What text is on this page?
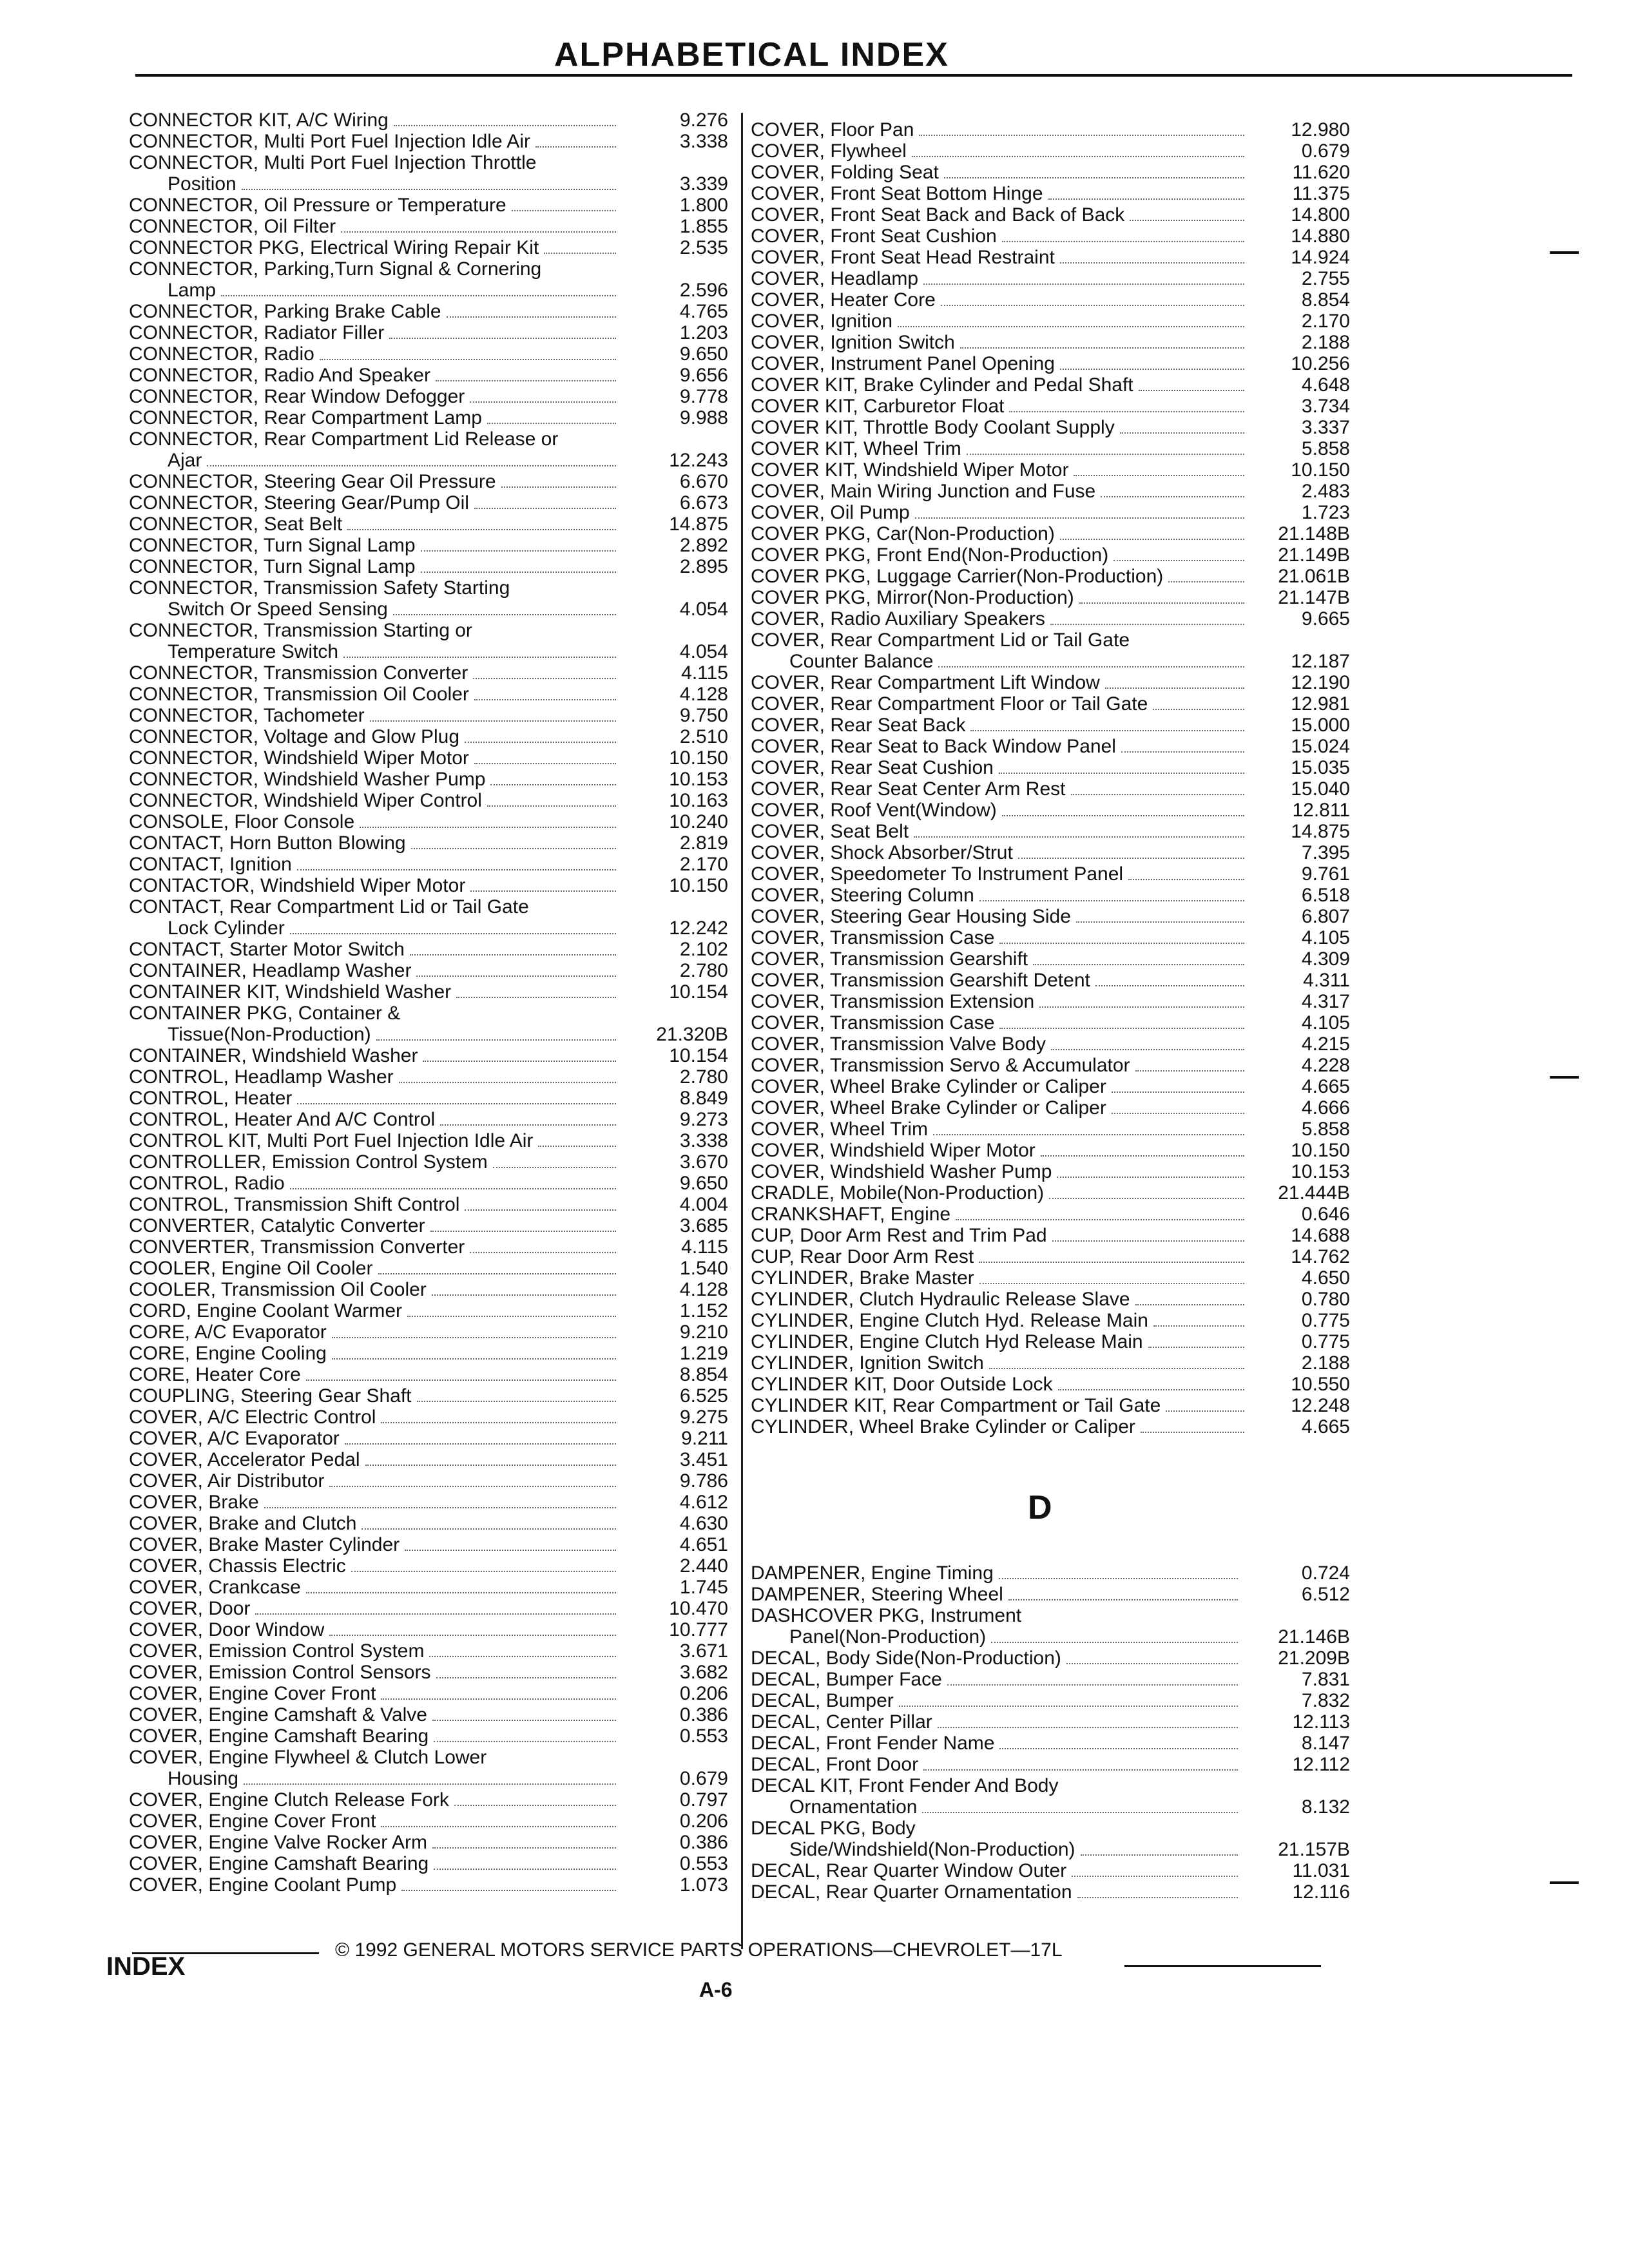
ALPHABETICAL INDEX
CONNECTOR KIT, A/C Wiring	9.276
CONNECTOR, Multi Port Fuel Injection Idle Air	3.338
CONNECTOR, Multi Port Fuel Injection Throttle
Position	3.339
CONNECTOR, Oil Pressure or Temperature	1.800
CONNECTOR, Oil Filter	1.855
CONNECTOR PKG, Electrical Wiring Repair Kit	2.535
CONNECTOR, Parking,Turn Signal & Cornering
Lamp	2.596
CONNECTOR, Parking Brake Cable	4.765
CONNECTOR, Radiator Filler	1.203
CONNECTOR, Radio	9.650
CONNECTOR, Radio And Speaker	9.656
CONNECTOR, Rear Window Defogger	9.778
CONNECTOR, Rear Compartment Lamp	9.988
CONNECTOR, Rear Compartment Lid Release or
Ajar	12.243
CONNECTOR, Steering Gear Oil Pressure	6.670
CONNECTOR, Steering Gear/Pump Oil	6.673
CONNECTOR, Seat Belt	14.875
CONNECTOR, Turn Signal Lamp	2.892
CONNECTOR, Turn Signal Lamp	2.895
CONNECTOR, Transmission Safety Starting
Switch Or Speed Sensing	4.054
CONNECTOR, Transmission Starting or
Temperature Switch	4.054
CONNECTOR, Transmission Converter	4.115
CONNECTOR, Transmission Oil Cooler	4.128
CONNECTOR, Tachometer	9.750
CONNECTOR, Voltage and Glow Plug	2.510
CONNECTOR, Windshield Wiper Motor	10.150
CONNECTOR, Windshield Washer Pump	10.153
CONNECTOR, Windshield Wiper Control	10.163
CONSOLE, Floor Console	10.240
CONTACT, Horn Button Blowing	2.819
CONTACT, Ignition	2.170
CONTACTOR, Windshield Wiper Motor	10.150
CONTACT, Rear Compartment Lid or Tail Gate
Lock Cylinder	12.242
CONTACT, Starter Motor Switch	2.102
CONTAINER, Headlamp Washer	2.780
CONTAINER KIT, Windshield Washer	10.154
CONTAINER PKG, Container &
Tissue(Non-Production)	21.320B
CONTAINER, Windshield Washer	10.154
CONTROL, Headlamp Washer	2.780
CONTROL, Heater	8.849
CONTROL, Heater And A/C Control	9.273
CONTROL KIT, Multi Port Fuel Injection Idle Air	3.338
CONTROLLER, Emission Control System	3.670
CONTROL, Radio	9.650
CONTROL, Transmission Shift Control	4.004
CONVERTER, Catalytic Converter	3.685
CONVERTER, Transmission Converter	4.115
COOLER, Engine Oil Cooler	1.540
COOLER, Transmission Oil Cooler	4.128
CORD, Engine Coolant Warmer	1.152
CORE, A/C Evaporator	9.210
CORE, Engine Cooling	1.219
CORE, Heater Core	8.854
COUPLING, Steering Gear Shaft	6.525
COVER, A/C Electric Control	9.275
COVER, A/C Evaporator	9.211
COVER, Accelerator Pedal	3.451
COVER, Air Distributor	9.786
COVER, Brake	4.612
COVER, Brake and Clutch	4.630
COVER, Brake Master Cylinder	4.651
COVER, Chassis Electric	2.440
COVER, Crankcase	1.745
COVER, Door	10.470
COVER, Door Window	10.777
COVER, Emission Control System	3.671
COVER, Emission Control Sensors	3.682
COVER, Engine Cover Front	0.206
COVER, Engine Camshaft & Valve	0.386
COVER, Engine Camshaft Bearing	0.553
COVER, Engine Flywheel & Clutch Lower
Housing	0.679
COVER, Engine Clutch Release Fork	0.797
COVER, Engine Cover Front	0.206
COVER, Engine Valve Rocker Arm	0.386
COVER, Engine Camshaft Bearing	0.553
COVER, Engine Coolant Pump	1.073
COVER, Floor Pan	12.980
COVER, Flywheel	0.679
COVER, Folding Seat	11.620
COVER, Front Seat Bottom Hinge	11.375
COVER, Front Seat Back and Back of Back	14.800
COVER, Front Seat Cushion	14.880
COVER, Front Seat Head Restraint	14.924
COVER, Headlamp	2.755
COVER, Heater Core	8.854
COVER, Ignition	2.170
COVER, Ignition Switch	2.188
COVER, Instrument Panel Opening	10.256
COVER KIT, Brake Cylinder and Pedal Shaft	4.648
COVER KIT, Carburetor Float	3.734
COVER KIT, Throttle Body Coolant Supply	3.337
COVER KIT, Wheel Trim	5.858
COVER KIT, Windshield Wiper Motor	10.150
COVER, Main Wiring Junction and Fuse	2.483
COVER, Oil Pump	1.723
COVER PKG, Car(Non-Production)	21.148B
COVER PKG, Front End(Non-Production)	21.149B
COVER PKG, Luggage Carrier(Non-Production)	21.061B
COVER PKG, Mirror(Non-Production)	21.147B
COVER, Radio Auxiliary Speakers	9.665
COVER, Rear Compartment Lid or Tail Gate
Counter Balance	12.187
COVER, Rear Compartment Lift Window	12.190
COVER, Rear Compartment Floor or Tail Gate	12.981
COVER, Rear Seat Back	15.000
COVER, Rear Seat to Back Window Panel	15.024
COVER, Rear Seat Cushion	15.035
COVER, Rear Seat Center Arm Rest	15.040
COVER, Roof Vent(Window)	12.811
COVER, Seat Belt	14.875
COVER, Shock Absorber/Strut	7.395
COVER, Speedometer To Instrument Panel	9.761
COVER, Steering Column	6.518
COVER, Steering Gear Housing Side	6.807
COVER, Transmission Case	4.105
COVER, Transmission Gearshift	4.309
COVER, Transmission Gearshift Detent	4.311
COVER, Transmission Extension	4.317
COVER, Transmission Case	4.105
COVER, Transmission Valve Body	4.215
COVER, Transmission Servo & Accumulator	4.228
COVER, Wheel Brake Cylinder or Caliper	4.665
COVER, Wheel Brake Cylinder or Caliper	4.666
COVER, Wheel Trim	5.858
COVER, Windshield Wiper Motor	10.150
COVER, Windshield Washer Pump	10.153
CRADLE, Mobile(Non-Production)	21.444B
CRANKSHAFT, Engine	0.646
CUP, Door Arm Rest and Trim Pad	14.688
CUP, Rear Door Arm Rest	14.762
CYLINDER, Brake Master	4.650
CYLINDER, Clutch Hydraulic Release Slave	0.780
CYLINDER, Engine Clutch Hyd. Release Main	0.775
CYLINDER, Engine Clutch Hyd Release Main	0.775
CYLINDER, Ignition Switch	2.188
CYLINDER KIT, Door Outside Lock	10.550
CYLINDER KIT, Rear Compartment or Tail Gate	12.248
CYLINDER, Wheel Brake Cylinder or Caliper	4.665
D
DAMPENER, Engine Timing	0.724
DAMPENER, Steering Wheel	6.512
DASHCOVER PKG, Instrument
Panel(Non-Production)	21.146B
DECAL, Body Side(Non-Production)	21.209B
DECAL, Bumper Face	7.831
DECAL, Bumper	7.832
DECAL, Center Pillar	12.113
DECAL, Front Fender Name	8.147
DECAL, Front Door	12.112
DECAL KIT, Front Fender And Body
Ornamentation	8.132
DECAL PKG, Body
Side/Windshield(Non-Production)	21.157B
DECAL, Rear Quarter Window Outer	11.031
DECAL, Rear Quarter Ornamentation	12.116
© 1992 GENERAL MOTORS SERVICE PARTS OPERATIONS—CHEVROLET—17L
INDEX
A-6
